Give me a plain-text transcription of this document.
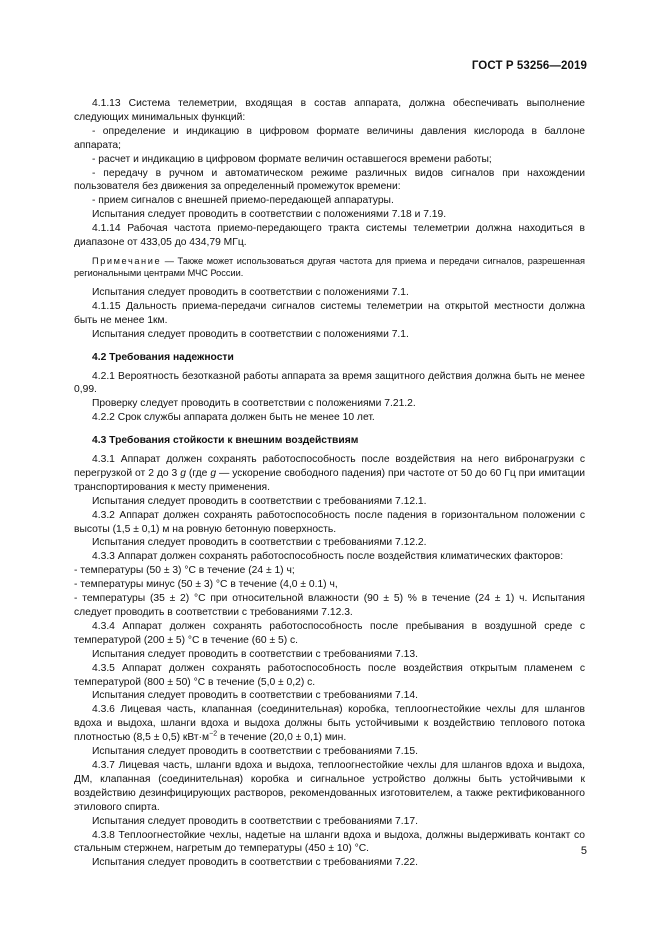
ГОСТ Р 53256—2019

4.1.13 Система телеметрии, входящая в состав аппарата, должна обеспечивать выполнение следующих минимальных функций:

- определение и индикацию в цифровом формате величины давления кислорода в баллоне аппарата;

- расчет и индикацию в цифровом формате величин оставшегося времени работы;

- передачу в ручном и автоматическом режиме различных видов сигналов при нахождении пользователя без движения за определенный промежуток времени:

- прием сигналов с внешней приемо-передающей аппаратуры.

Испытания следует проводить в соответствии с положениями 7.18 и 7.19.

4.1.14 Рабочая частота приемо-передающего тракта системы телеметрии должна находиться в диапазоне от 433,05 до 434,79 МГц.

Примечание — Также может использоваться другая частота для приема и передачи сигналов, разрешенная региональными центрами МЧС России.

Испытания следует проводить в соответствии с положениями 7.1.

4.1.15 Дальность приема-передачи сигналов системы телеметрии на открытой местности должна быть не менее 1км.

Испытания следует проводить в соответствии с положениями 7.1.

4.2 Требования надежности

4.2.1 Вероятность безотказной работы аппарата за время защитного действия должна быть не менее 0,99.

Проверку следует проводить в соответствии с положениями 7.21.2.

4.2.2 Срок службы аппарата должен быть не менее 10 лет.

4.3 Требования стойкости к внешним воздействиям

4.3.1 Аппарат должен сохранять работоспособность после воздействия на него вибронагрузки с перегрузкой от 2 до 3 g (где g — ускорение свободного падения) при частоте от 50 до 60 Гц при имитации транспортирования к месту применения.

Испытания следует проводить в соответствии с требованиями 7.12.1.

4.3.2 Аппарат должен сохранять работоспособность после падения в горизонтальном положении с высоты (1,5 ± 0,1) м на ровную бетонную поверхность.

Испытания следует проводить в соответствии с требованиями 7.12.2.

4.3.3 Аппарат должен сохранять работоспособность после воздействия климатических факторов:

- температуры (50 ± 3) °С в течение (24 ± 1) ч;

- температуры минус (50 ± 3) °С в течение (4,0 ± 0.1) ч,

- температуры (35 ± 2) °С при относительной влажности (90 ± 5) % в течение (24 ± 1) ч. Испытания следует проводить в соответствии с требованиями 7.12.3.

4.3.4 Аппарат должен сохранять работоспособность после пребывания в воздушной среде с температурой (200 ± 5) °С в течение (60 ± 5) с.

Испытания следует проводить в соответствии с требованиями 7.13.

4.3.5 Аппарат должен сохранять работоспособность после воздействия открытым пламенем с температурой (800 ± 50) °С в течение (5,0 ± 0,2) с.

Испытания следует проводить в соответствии с требованиями 7.14.

4.3.6 Лицевая часть, клапанная (соединительная) коробка, теплоогнестойкие чехлы для шлангов вдоха и выдоха, шланги вдоха и выдоха должны быть устойчивыми к воздействию теплового потока плотностью (8,5 ± 0,5) $кВт\cdot м^{-2}$ в течение (20,0 ± 0,1) мин.

Испытания следует проводить в соответствии с требованиями 7.15.

4.3.7 Лицевая часть, шланги вдоха и выдоха, теплоогнестойкие чехлы для шлангов вдоха и выдоха, ДМ, клапанная (соединительная) коробка и сигнальное устройство должны быть устойчивыми к воздействию дезинфицирующих растворов, рекомендованных изготовителем, а также ректификованного этилового спирта.

Испытания следует проводить в соответствии с требованиями 7.17.

4.3.8 Теплоогнестойкие чехлы, надетые на шланги вдоха и выдоха, должны выдерживать контакт со стальным стержнем, нагретым до температуры (450 ± 10) °С.

Испытания следует проводить в соответствии с требованиями 7.22.

5
